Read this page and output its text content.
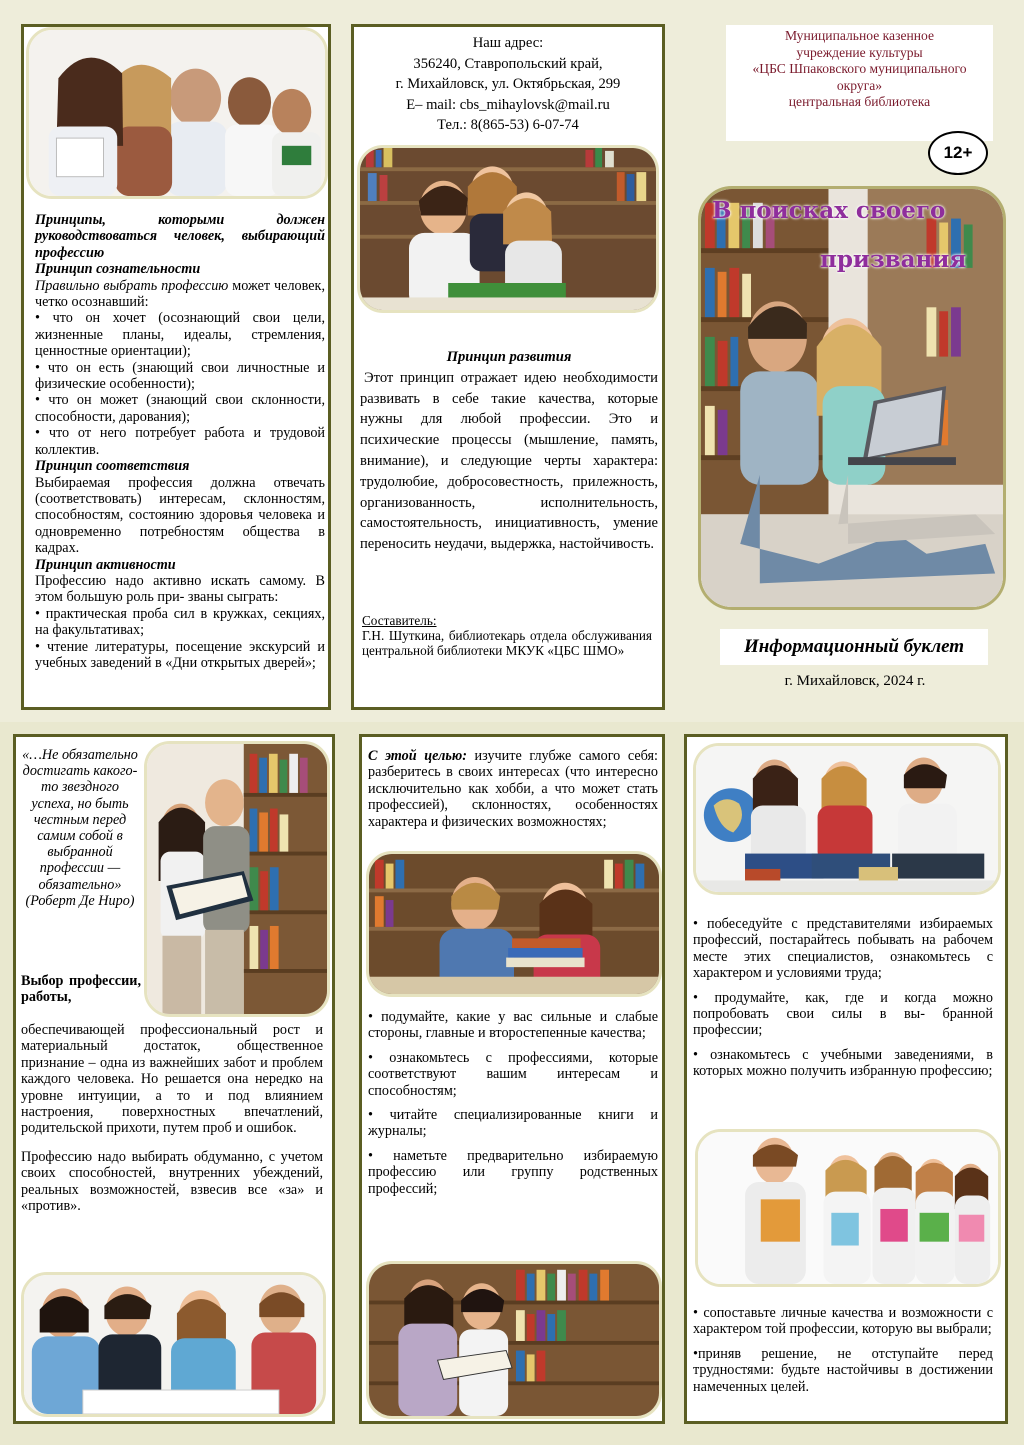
Принципы, которыми должен руководствоваться человек, выбирающий профессию

Принцип сознательности

Правильно выбрать профессию может человек, четко осознавший:

• что он хочет (осознающий свои цели, жизненные планы, идеалы, стремления, ценностные ориентации);

• что он есть (знающий свои личностные и физические особенности);

• что он может (знающий свои склонности, способности, дарования);

• что от него потребует работа и трудовой коллектив.

Принцип соответствия

Выбираемая профессия должна отвечать (соответствовать) интересам, склонностям, способностям, состоянию здоровья человека и одновременно потребностям общества в кадрах.

Принцип активности

Профессию надо активно искать самому. В этом большую роль при- званы сыграть:

• практическая проба сил в кружках, секциях, на факультативах;

• чтение литературы, посещение экскурсий и учебных заведений в «Дни открытых дверей»;

Наш адрес:

356240, Ставропольский край,

г. Михайловск, ул. Октябрьская, 299

E– mail: cbs_mihaylovsk@mail.ru

Тел.: 8(865-53) 6-07-74

Принцип развития

Этот принцип отражает идею необходимости развивать в себе такие качества, которые нужны для любой профессии. Это и психические процессы (мышление, память, внимание), и следующие черты характера: трудолюбие, добросовестность, прилежность, организованность, исполнительность, самостоятельность, инициативность, умение переносить неудачи, выдержка, настойчивость.

Составитель:

Г.Н. Шуткина, библиотекарь отдела обслуживания центральной библиотеки МКУК «ЦБС ШМО»

Муниципальное казенное

учреждение культуры

«ЦБС Шпаковского муниципального

округа»

центральная библиотека

12+
В поисках своего
призвания
Информационный буклет
г. Михайловск, 2024 г.

«…Не обязательно достигать какого-то звездного успеха, но быть честным перед самим собой в выбранной профессии — обязательно»

(Роберт Де Ниро)

Выбор профессии, работы,

обеспечивающей профессиональный рост и материальный достаток, общественное признание – одна из важнейших забот и проблем каждого человека. Но решается она нередко на уровне интуиции, а то и под влиянием настроения, поверхностных впечатлений, родительской прихоти, путем проб и ошибок.

Профессию надо выбирать обдуманно, с учетом своих способностей, внутренних убеждений, реальных возможностей, взвесив все «за» и «против».

С этой целью: изучите глубже самого себя: разберитесь в своих интересах (что интересно исключительно как хобби, а что может стать профессией), склонностях, особенностях характера и физических возможностях;

• подумайте, какие у вас сильные и слабые стороны, главные и второстепенные качества;

• ознакомьтесь с профессиями, которые соответствуют вашим интересам и способностям;

• читайте специализированные книги и журналы;

• наметьте предварительно избираемую профессию или группу родственных профессий;

• побеседуйте с представителями избираемых профессий, постарайтесь побывать на рабочем месте этих специалистов, ознакомьтесь с характером и условиями труда;

• продумайте, как, где и когда можно попробовать свои силы в вы- бранной профессии;

• ознакомьтесь с учебными заведениями, в которых можно получить избранную профессию;

• сопоставьте личные качества и возможности с характером той профессии, которую вы выбрали;

•приняв решение, не отступайте перед трудностями: будьте настойчивы в достижении намеченных целей.
